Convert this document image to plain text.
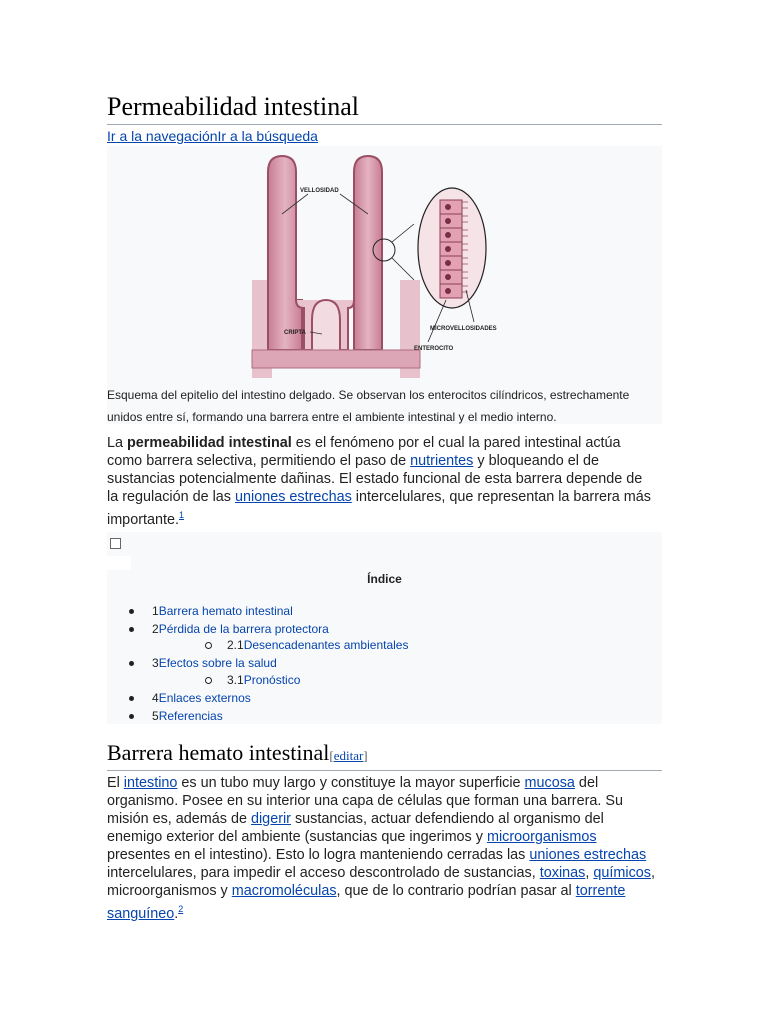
Permeabilidad intestinal
Ir a la navegaciónIr a la búsqueda
VELLOSIDAD
CRIPTA
MICROVELLOSIDADES
ENTEROCITO
Esquema del epitelio del intestino delgado. Se observan los enterocitos cilíndricos, estrechamente unidos entre sí, formando una barrera entre el ambiente intestinal y el medio interno.

La permeabilidad intestinal es el fenómeno por el cual la pared intestinal actúa como barrera selectiva, permitiendo el paso de nutrientes y bloqueando el de sustancias potencialmente dañinas. El estado funcional de esta barrera depende de la regulación de las uniones estrechas intercelulares, que representan la barrera más importante.$^1$

Índice
1Barrera hemato intestinal
2Pérdida de la barrera protectora
2.1Desencadenantes ambientales
3Efectos sobre la salud
3.1Pronóstico
4Enlaces externos
5Referencias
Barrera hemato intestinal[editar]

El intestino es un tubo muy largo y constituye la mayor superficie mucosa del organismo. Posee en su interior una capa de células que forman una barrera. Su misión es, además de digerir sustancias, actuar defendiendo al organismo del enemigo exterior del ambiente (sustancias que ingerimos y microorganismos presentes en el intestino). Esto lo logra manteniendo cerradas las uniones estrechas intercelulares, para impedir el acceso descontrolado de sustancias, toxinas, químicos, microorganismos y macromoléculas, que de lo contrario podrían pasar al torrente sanguíneo.$^2$
